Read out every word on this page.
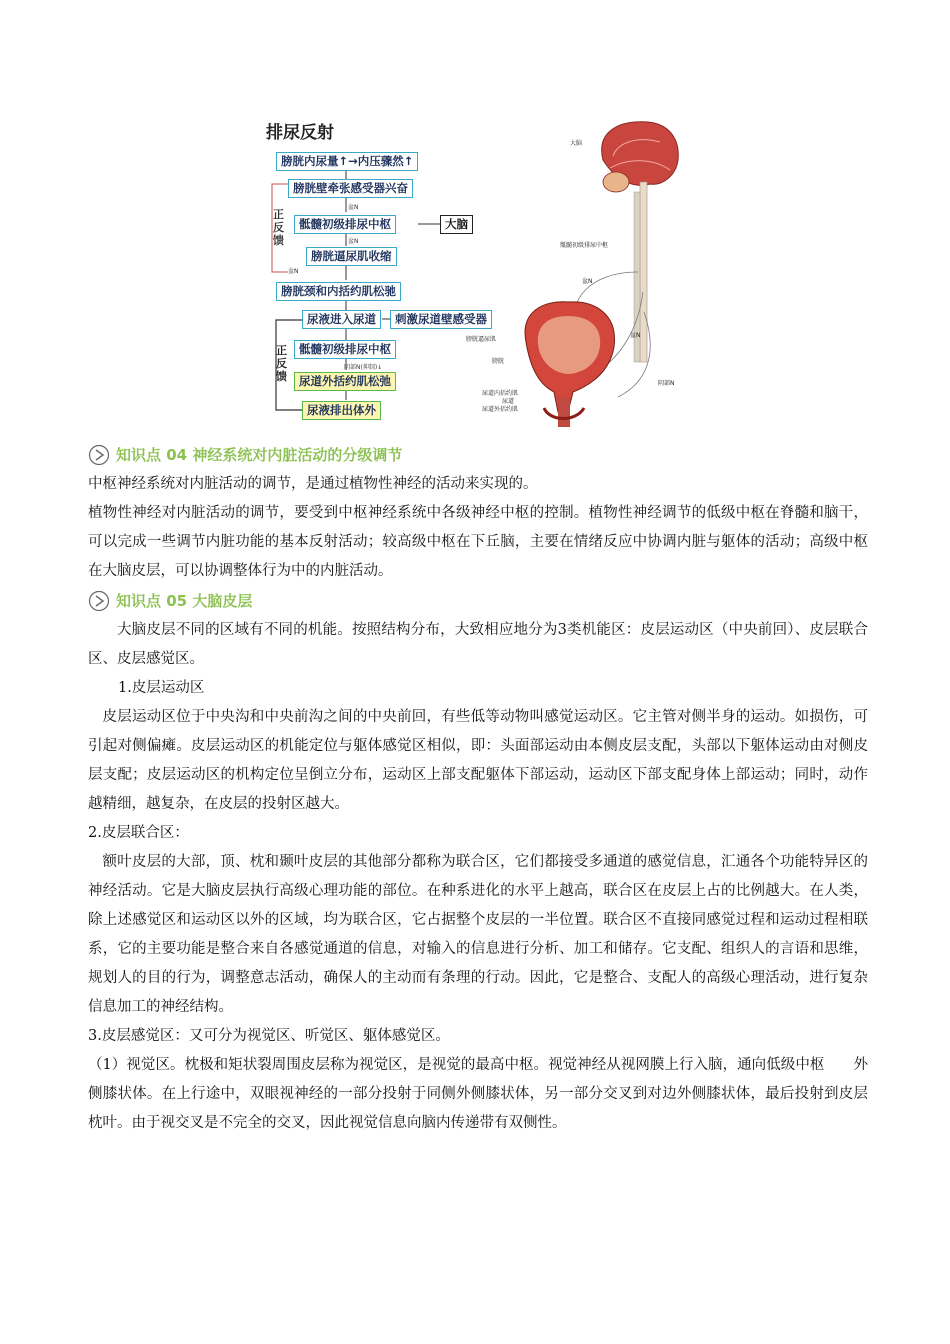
排尿反射
膀胱内尿量↑→内压骤然↑
膀胱壁牵张感受器兴奋
盆N
骶髓初级排尿中枢	大脑
盆N
膀胱逼尿肌收缩
盆N
正反馈
膀胱颈和内括约肌松驰
尿液进入尿道	刺激尿道壁感受器
骶髓初级排尿中枢
阴部N(抑制)↓
尿道外括约肌松弛
正反馈
尿液排出体外
大脑
骶髓初级排尿中枢
盆N
盆N
阴部N
膀胱逼尿肌
膀胱
尿道内括约肌
尿道
尿道外括约肌
知识点 04 神经系统对内脏活动的分级调节

中枢神经系统对内脏活动的调节，是通过植物性神经的活动来实现的。

植物性神经对内脏活动的调节，要受到中枢神经系统中各级神经中枢的控制。植物性神经调节的低级中枢在脊髓和脑干，可以完成一些调节内脏功能的基本反射活动；较高级中枢在下丘脑，主要在情绪反应中协调内脏与躯体的活动；高级中枢在大脑皮层，可以协调整体行为中的内脏活动。

知识点 05 大脑皮层

大脑皮层不同的区域有不同的机能。按照结构分布，大致相应地分为3类机能区：皮层运动区（中央前回）、皮层联合区、皮层感觉区。

1.皮层运动区

皮层运动区位于中央沟和中央前沟之间的中央前回，有些低等动物叫感觉运动区。它主管对侧半身的运动。如损伤，可引起对侧偏瘫。皮层运动区的机能定位与躯体感觉区相似，即：头面部运动由本侧皮层支配，头部以下躯体运动由对侧皮层支配；皮层运动区的机构定位呈倒立分布，运动区上部支配躯体下部运动，运动区下部支配身体上部运动；同时，动作越精细，越复杂，在皮层的投射区越大。

2.皮层联合区：

额叶皮层的大部，顶、枕和颞叶皮层的其他部分都称为联合区，它们都接受多通道的感觉信息，汇通各个功能特异区的神经活动。它是大脑皮层执行高级心理功能的部位。在种系进化的水平上越高，联合区在皮层上占的比例越大。在人类，除上述感觉区和运动区以外的区域，均为联合区，它占据整个皮层的一半位置。联合区不直接同感觉过程和运动过程相联系，它的主要功能是整合来自各感觉通道的信息，对输入的信息进行分析、加工和储存。它支配、组织人的言语和思维，规划人的目的行为，调整意志活动，确保人的主动而有条理的行动。因此，它是整合、支配人的高级心理活动，进行复杂信息加工的神经结构。

3.皮层感觉区：又可分为视觉区、听觉区、躯体感觉区。

（1）视觉区。枕极和矩状裂周围皮层称为视觉区，是视觉的最高中枢。视觉神经从视网膜上行入脑，通向低级中枢　　外侧膝状体。在上行途中，双眼视神经的一部分投射于同侧外侧膝状体，另一部分交叉到对边外侧膝状体，最后投射到皮层枕叶。由于视交叉是不完全的交叉，因此视觉信息向脑内传递带有双侧性。
